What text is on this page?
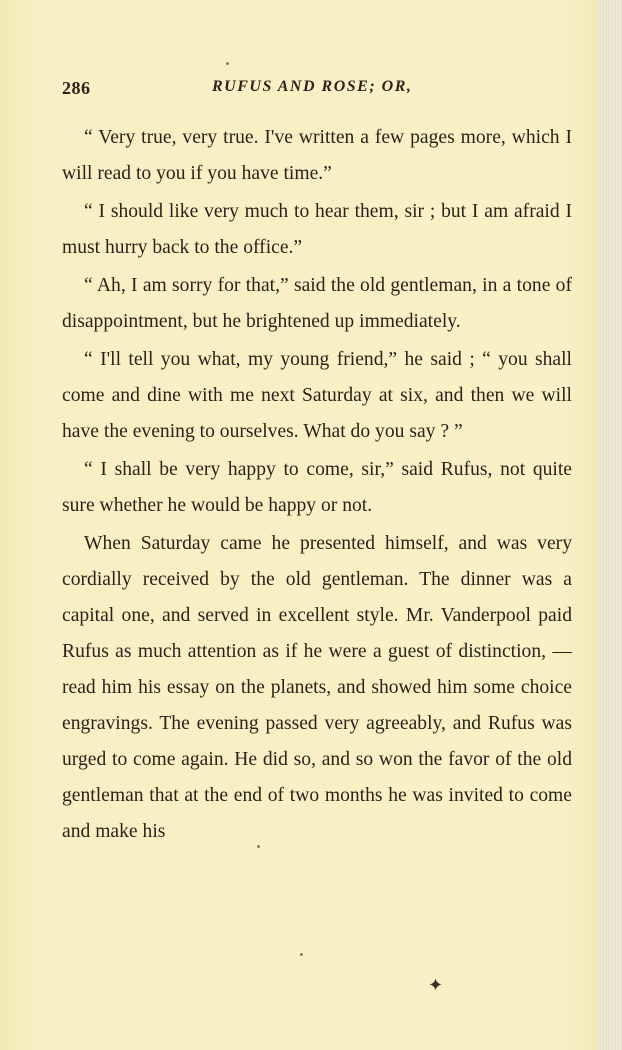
286	RUFUS AND ROSE; OR,

“ Very true, very true. I've written a few pages more, which I will read to you if you have time.”

“ I should like very much to hear them, sir ; but I am afraid I must hurry back to the office.”

“ Ah, I am sorry for that,” said the old gentleman, in a tone of disappointment, but he brightened up immediately.

“ I'll tell you what, my young friend,” he said ; “ you shall come and dine with me next Saturday at six, and then we will have the evening to ourselves. What do you say ? ”

“ I shall be very happy to come, sir,” said Rufus, not quite sure whether he would be happy or not.

When Saturday came he presented himself, and was very cordially received by the old gentleman. The dinner was a capital one, and served in excellent style. Mr. Vanderpool paid Rufus as much attention as if he were a guest of distinction, — read him his essay on the planets, and showed him some choice engravings. The evening passed very agreeably, and Rufus was urged to come again. He did so, and so won the favor of the old gentleman that at the end of two months he was invited to come and make his

✦
